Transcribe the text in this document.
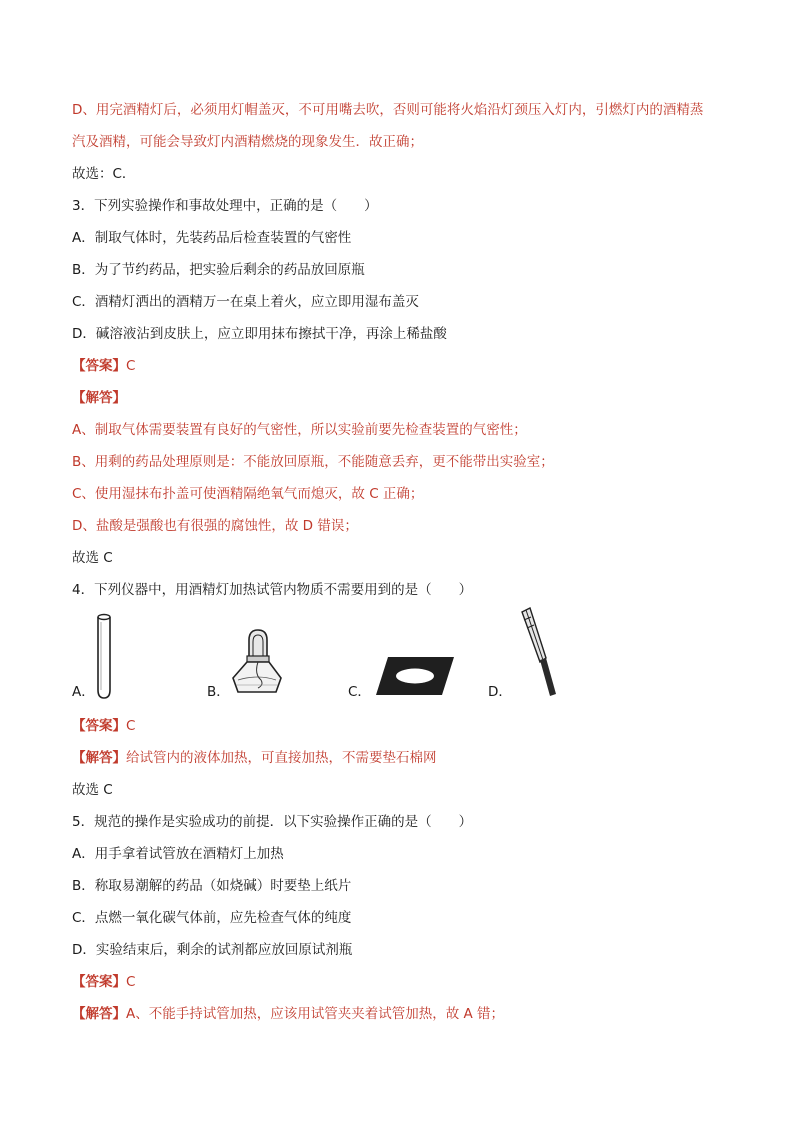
D、用完酒精灯后，必须用灯帽盖灭，不可用嘴去吹，否则可能将火焰沿灯颈压入灯内，引燃灯内的酒精蒸
汽及酒精，可能会导致灯内酒精燃烧的现象发生．故正确；
故选：C．
3．下列实验操作和事故处理中，正确的是（　　）
A．制取气体时，先装药品后检查装置的气密性
B．为了节约药品，把实验后剩余的药品放回原瓶
C．酒精灯洒出的酒精万一在桌上着火，应立即用湿布盖灭
D．碱溶液沾到皮肤上，应立即用抹布擦拭干净，再涂上稀盐酸
【答案】C
【解答】
A、制取气体需要装置有良好的气密性，所以实验前要先检查装置的气密性；
B、用剩的药品处理原则是：不能放回原瓶，不能随意丢弃，更不能带出实验室；
C、使用湿抹布扑盖可使酒精隔绝氧气而熄灭，故 C 正确；
D、盐酸是强酸也有很强的腐蚀性，故 D 错误；
故选 C
4．下列仪器中，用酒精灯加热试管内物质不需要用到的是（　　）
A．	B．	C．	D．
【答案】C
【解答】给试管内的液体加热，可直接加热，不需要垫石棉网
故选 C
5．规范的操作是实验成功的前提．以下实验操作正确的是（　　）
A．用手拿着试管放在酒精灯上加热
B．称取易潮解的药品（如烧碱）时要垫上纸片
C．点燃一氧化碳气体前，应先检查气体的纯度
D．实验结束后，剩余的试剂都应放回原试剂瓶
【答案】C
【解答】A、不能手持试管加热，应该用试管夹夹着试管加热，故 A 错；
